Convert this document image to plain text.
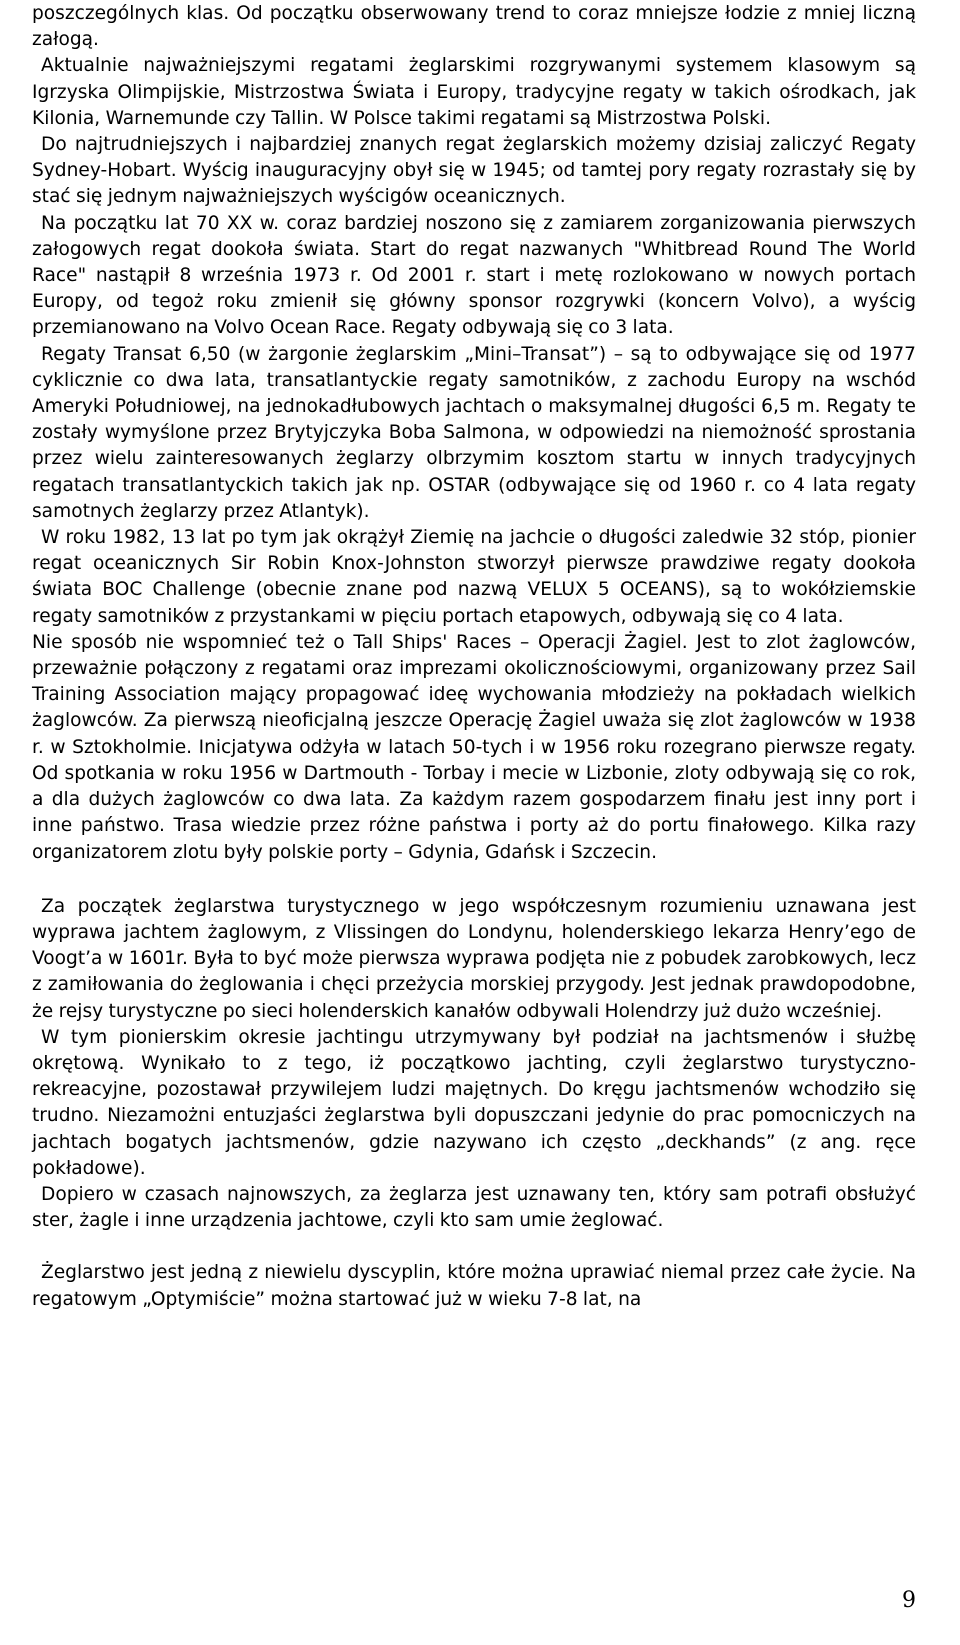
poszczególnych klas. Od początku obserwowany trend to coraz mniejsze łodzie z mniej liczną załogą.

Aktualnie najważniejszymi regatami żeglarskimi rozgrywanymi systemem klasowym są Igrzyska Olimpijskie, Mistrzostwa Świata i Europy, tradycyjne regaty w takich ośrodkach, jak Kilonia, Warnemunde czy Tallin. W Polsce takimi regatami są Mistrzostwa Polski.

Do najtrudniejszych i najbardziej znanych regat żeglarskich możemy dzisiaj zaliczyć Regaty Sydney-Hobart. Wyścig inauguracyjny obył się w 1945; od tamtej pory regaty rozrastały się by stać się jednym najważniejszych wyścigów oceanicznych.

Na początku lat 70 XX w. coraz bardziej noszono się z zamiarem zorganizowania pierwszych załogowych regat dookoła świata. Start do regat nazwanych "Whitbread Round The World Race" nastąpił 8 września 1973 r. Od 2001 r. start i metę rozlokowano w nowych portach Europy, od tegoż roku zmienił się główny sponsor rozgrywki (koncern Volvo), a wyścig przemianowano na Volvo Ocean Race. Regaty odbywają się co 3 lata.

Regaty Transat 6,50 (w żargonie żeglarskim „Mini–Transat”) – są to odbywające się od 1977 cyklicznie co dwa lata, transatlantyckie regaty samotników, z zachodu Europy na wschód Ameryki Południowej, na jednokadłubowych jachtach o maksymalnej długości 6,5 m. Regaty te zostały wymyślone przez Brytyjczyka Boba Salmona, w odpowiedzi na niemożność sprostania przez wielu zainteresowanych żeglarzy olbrzymim kosztom startu w innych tradycyjnych regatach transatlantyckich takich jak np. OSTAR (odbywające się od 1960 r. co 4 lata regaty samotnych żeglarzy przez Atlantyk).

W roku 1982, 13 lat po tym jak okrążył Ziemię na jachcie o długości zaledwie 32 stóp, pionier regat oceanicznych Sir Robin Knox-Johnston stworzył pierwsze prawdziwe regaty dookoła świata BOC Challenge (obecnie znane pod nazwą VELUX 5 OCEANS), są to wokółziemskie regaty samotników z przystankami w pięciu portach etapowych, odbywają się co 4 lata.

Nie sposób nie wspomnieć też o Tall Ships' Races – Operacji Żagiel. Jest to zlot żaglowców, przeważnie połączony z regatami oraz imprezami okolicznościowymi, organizowany przez Sail Training Association mający propagować ideę wychowania młodzieży na pokładach wielkich żaglowców. Za pierwszą nieoficjalną jeszcze Operację Żagiel uważa się zlot żaglowców w 1938 r. w Sztokholmie. Inicjatywa odżyła w latach 50-tych i w 1956 roku rozegrano pierwsze regaty. Od spotkania w roku 1956 w Dartmouth - Torbay i mecie w Lizbonie, zloty odbywają się co rok, a dla dużych żaglowców co dwa lata. Za każdym razem gospodarzem finału jest inny port i inne państwo. Trasa wiedzie przez różne państwa i porty aż do portu finałowego. Kilka razy organizatorem zlotu były polskie porty – Gdynia, Gdańsk i Szczecin.

Za początek żeglarstwa turystycznego w jego współczesnym rozumieniu uznawana jest wyprawa jachtem żaglowym, z Vlissingen do Londynu, holenderskiego lekarza Henry’ego de Voogt’a w 1601r. Była to być może pierwsza wyprawa podjęta nie z pobudek zarobkowych, lecz z zamiłowania do żeglowania i chęci przeżycia morskiej przygody. Jest jednak prawdopodobne, że rejsy turystyczne po sieci holenderskich kanałów odbywali Holendrzy już dużo wcześniej.

W tym pionierskim okresie jachtingu utrzymywany był podział na jachtsmenów i służbę okrętową. Wynikało to z tego, iż początkowo jachting, czyli żeglarstwo turystyczno-rekreacyjne, pozostawał przywilejem ludzi majętnych. Do kręgu jachtsmenów wchodziło się trudno. Niezamożni entuzjaści żeglarstwa byli dopuszczani jedynie do prac pomocniczych na jachtach bogatych jachtsmenów, gdzie nazywano ich często „deckhands” (z ang. ręce pokładowe).

Dopiero w czasach najnowszych, za żeglarza jest uznawany ten, który sam potrafi obsłużyć ster, żagle i inne urządzenia jachtowe, czyli kto sam umie żeglować.

Żeglarstwo jest jedną z niewielu dyscyplin, które można uprawiać niemal przez całe życie. Na regatowym „Optymiście” można startować już w wieku 7-8 lat, na

9
